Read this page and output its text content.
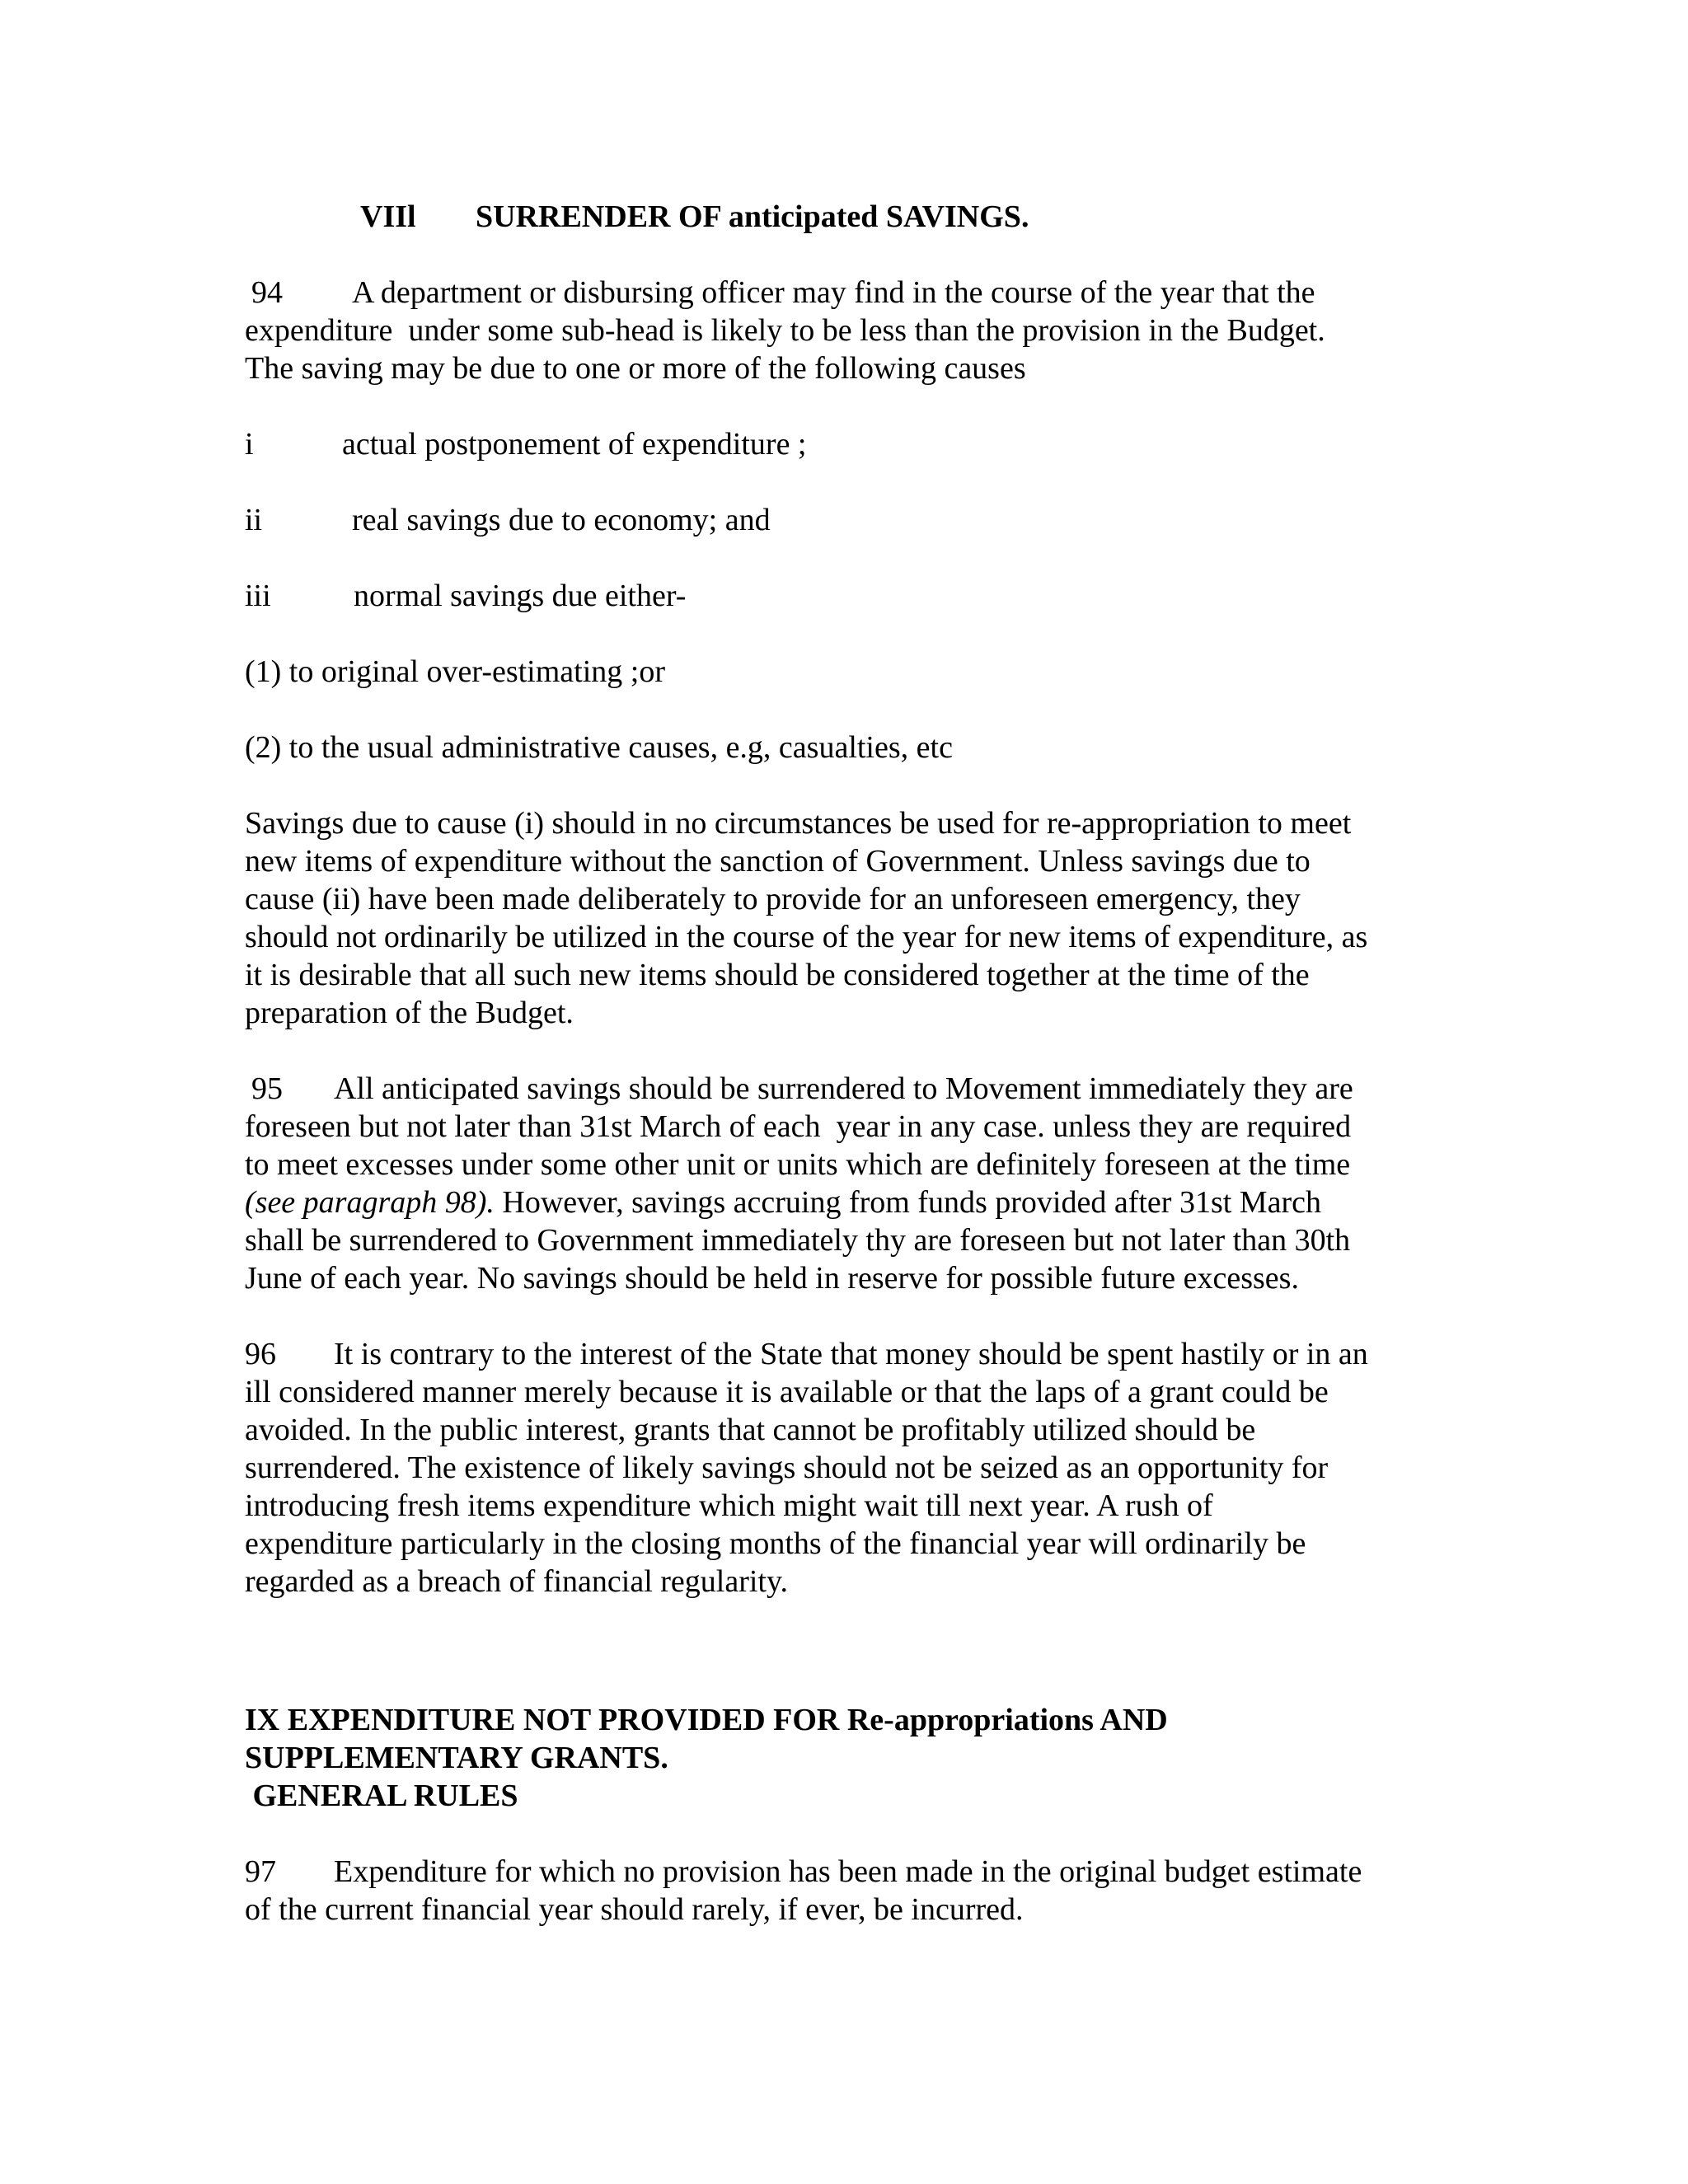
VIIl SURRENDER OF anticipated SAVINGS.
94 A department or disbursing officer may find in the course of the year that the
expenditure  under some sub-head is likely to be less than the provision in the Budget.
The saving may be due to one or more of the following causes
i	actual postponement of expenditure ;
ii	real savings due to economy; and
iii	normal savings due either-
(1) to original over-estimating ;or
(2) to the usual administrative causes, e.g, casualties, etc
Savings due to cause (i) should in no circumstances be used for re-appropriation to meet
new items of expenditure without the sanction of Government. Unless savings due to
cause (ii) have been made deliberately to provide for an unforeseen emergency, they
should not ordinarily be utilized in the course of the year for new items of expenditure, as
it is desirable that all such new items should be considered together at the time of the
preparation of the Budget.
95 All anticipated savings should be surrendered to Movement immediately they are
foreseen but not later than 31st March of each  year in any case. unless they are required
to meet excesses under some other unit or units which are definitely foreseen at the time
(see paragraph 98). However, savings accruing from funds provided after 31st March
shall be surrendered to Government immediately thy are foreseen but not later than 30th
June of each year. No savings should be held in reserve for possible future excesses.
96 It is contrary to the interest of the State that money should be spent hastily or in an
ill considered manner merely because it is available or that the laps of a grant could be
avoided. In the public interest, grants that cannot be profitably utilized should be
surrendered. The existence of likely savings should not be seized as an opportunity for
introducing fresh items expenditure which might wait till next year. A rush of
expenditure particularly in the closing months of the financial year will ordinarily be
regarded as a breach of financial regularity.
IX EXPENDITURE NOT PROVIDED FOR Re-appropriations AND
SUPPLEMENTARY GRANTS.
GENERAL RULES
97 Expenditure for which no provision has been made in the original budget estimate
of the current financial year should rarely, if ever, be incurred.
